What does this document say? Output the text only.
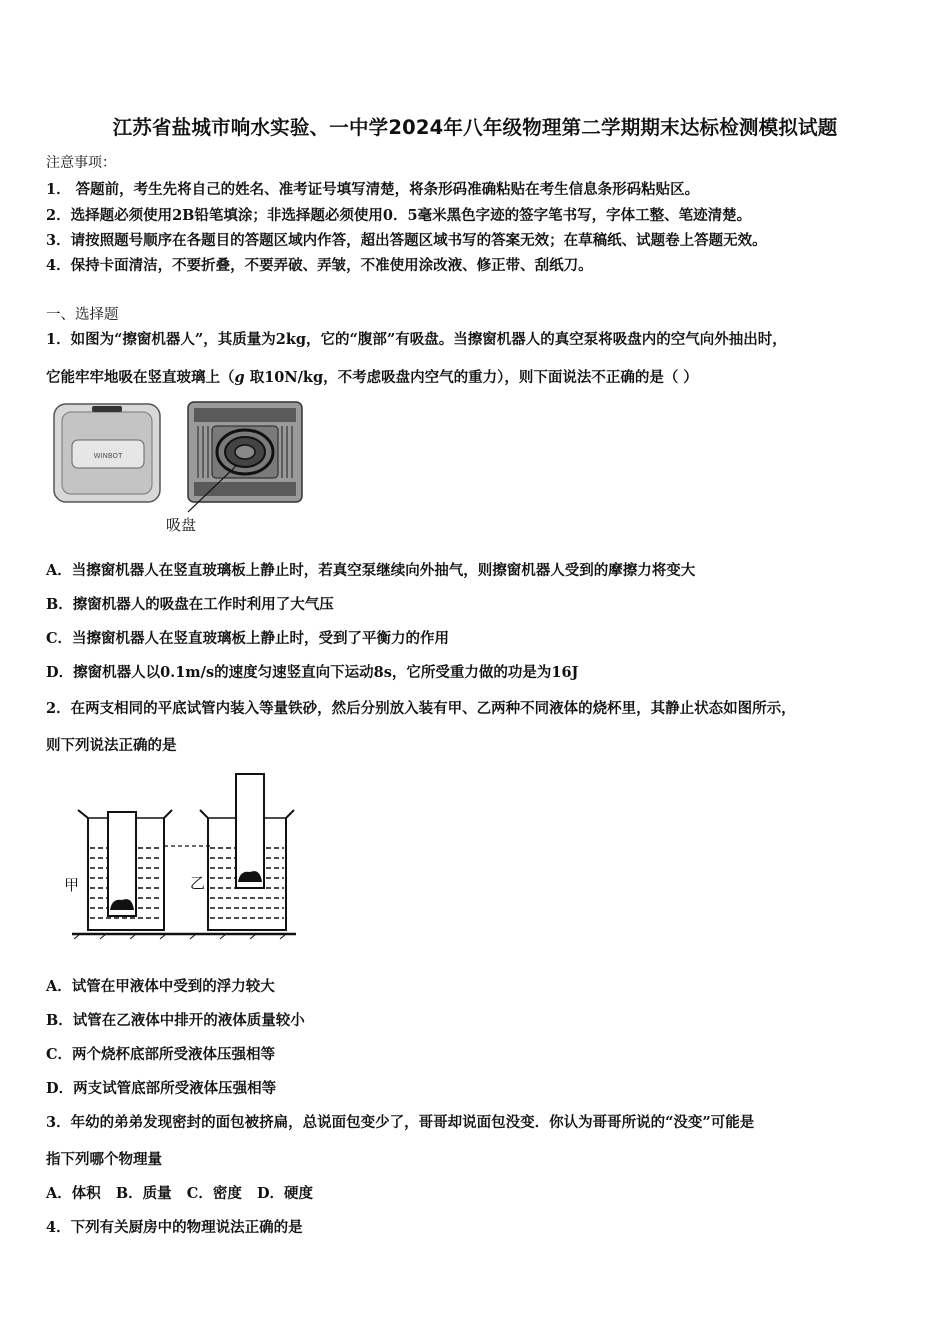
江苏省盐城市响水实验、一中学2024年八年级物理第二学期期末达标检测模拟试题
注意事项：
1． 答题前，考生先将自己的姓名、准考证号填写清楚，将条形码准确粘贴在考生信息条形码粘贴区。
2．选择题必须使用2B铅笔填涂；非选择题必须使用0．5毫米黑色字迹的签字笔书写，字体工整、笔迹清楚。
3．请按照题号顺序在各题目的答题区域内作答，超出答题区域书写的答案无效；在草稿纸、试题卷上答题无效。
4．保持卡面清洁，不要折叠，不要弄破、弄皱，不准使用涂改液、修正带、刮纸刀。
一、选择题
1．如图为“擦窗机器人”，其质量为2kg，它的“腹部”有吸盘。当擦窗机器人的真空泵将吸盘内的空气向外抽出时，
它能牢牢地吸在竖直玻璃上（g 取10N/kg，不考虑吸盘内空气的重力），则下面说法不正确的是（ ）
WINBOT
吸盘
A．当擦窗机器人在竖直玻璃板上静止时，若真空泵继续向外抽气，则擦窗机器人受到的摩擦力将变大
B．擦窗机器人的吸盘在工作时利用了大气压
C．当擦窗机器人在竖直玻璃板上静止时，受到了平衡力的作用
D．擦窗机器人以0.1m/s的速度匀速竖直向下运动8s，它所受重力做的功是为16J
2．在两支相同的平底试管内装入等量铁砂，然后分别放入装有甲、乙两种不同液体的烧杯里，其静止状态如图所示，
则下列说法正确的是
甲	乙
A．试管在甲液体中受到的浮力较大
B．试管在乙液体中排开的液体质量较小
C．两个烧杯底部所受液体压强相等
D．两支试管底部所受液体压强相等
3．年幼的弟弟发现密封的面包被挤扁，总说面包变少了，哥哥却说面包没变．你认为哥哥所说的“没变”可能是
指下列哪个物理量
A．体积   B．质量   C．密度   D．硬度
4．下列有关厨房中的物理说法正确的是
